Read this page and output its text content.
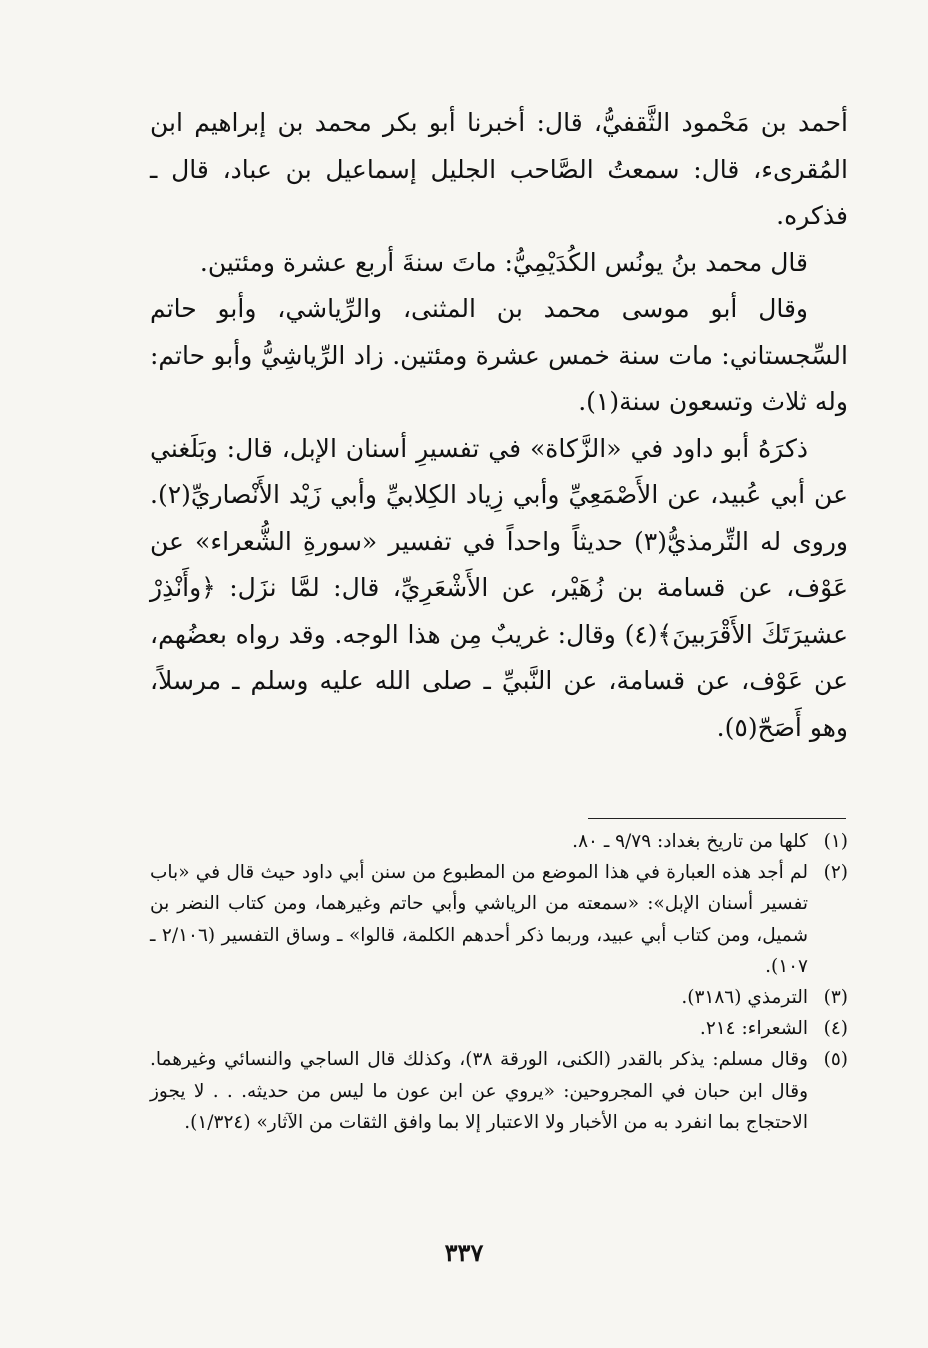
أحمد بن مَحْمود الثَّقفيُّ، قال: أخبرنا أبو بكر محمد بن إبراهيم ابن المُقرىء، قال: سمعتُ الصَّاحب الجليل إسماعيل بن عباد، قال ـ فذكره.

قال محمد بنُ يونُس الكُدَيْمِيُّ: ماتَ سنةَ أربع عشرة ومئتين.

وقال أبو موسى محمد بن المثنى، والرِّياشي، وأبو حاتم السِّجستاني: مات سنة خمس عشرة ومئتين. زاد الرِّياشِيُّ وأبو حاتم: وله ثلاث وتسعون سنة(١).

ذكرَهُ أبو داود في «الزَّكاة» في تفسيرِ أسنان الإبل، قال: وبَلَغني عن أبي عُبيد، عن الأَصْمَعِيِّ وأبي زِياد الكِلابيِّ وأبي زَيْد الأَنْصاريِّ(٢). وروى له التِّرمذيُّ(٣) حديثاً واحداً في تفسير «سورةِ الشُّعراء» عن عَوْف، عن قسامة بن زُهَيْر، عن الأَشْعَرِيِّ، قال: لمَّا نزَل: ﴿وأَنْذِرْ عشيرَتَكَ الأَقْرَبينَ﴾(٤) وقال: غريبٌ مِن هذا الوجه. وقد رواه بعضُهم، عن عَوْف، عن قسامة، عن النَّبيِّ ـ صلى الله عليه وسلم ـ مرسلاً، وهو أَصَحّ(٥).

(١)
كلها من تاريخ بغداد: ٩/٧٩ ـ ٨٠.
(٢)
لم أجد هذه العبارة في هذا الموضع من المطبوع من سنن أبي داود حيث قال في «باب تفسير أسنان الإبل»: «سمعته من الرياشي وأبي حاتم وغيرهما، ومن كتاب النضر بن شميل، ومن كتاب أبي عبيد، وربما ذكر أحدهم الكلمة، قالوا» ـ وساق التفسير (٢/١٠٦ ـ ١٠٧).
(٣)
الترمذي (٣١٨٦).
(٤)
الشعراء: ٢١٤.
(٥)
وقال مسلم: يذكر بالقدر (الكنى، الورقة ٣٨)، وكذلك قال الساجي والنسائي وغيرهما. وقال ابن حبان في المجروحين: «يروي عن ابن عون ما ليس من حديثه. . . لا يجوز الاحتجاج بما انفرد به من الأخبار ولا الاعتبار إلا بما وافق الثقات من الآثار» (١/٣٢٤).
٣٣٧
